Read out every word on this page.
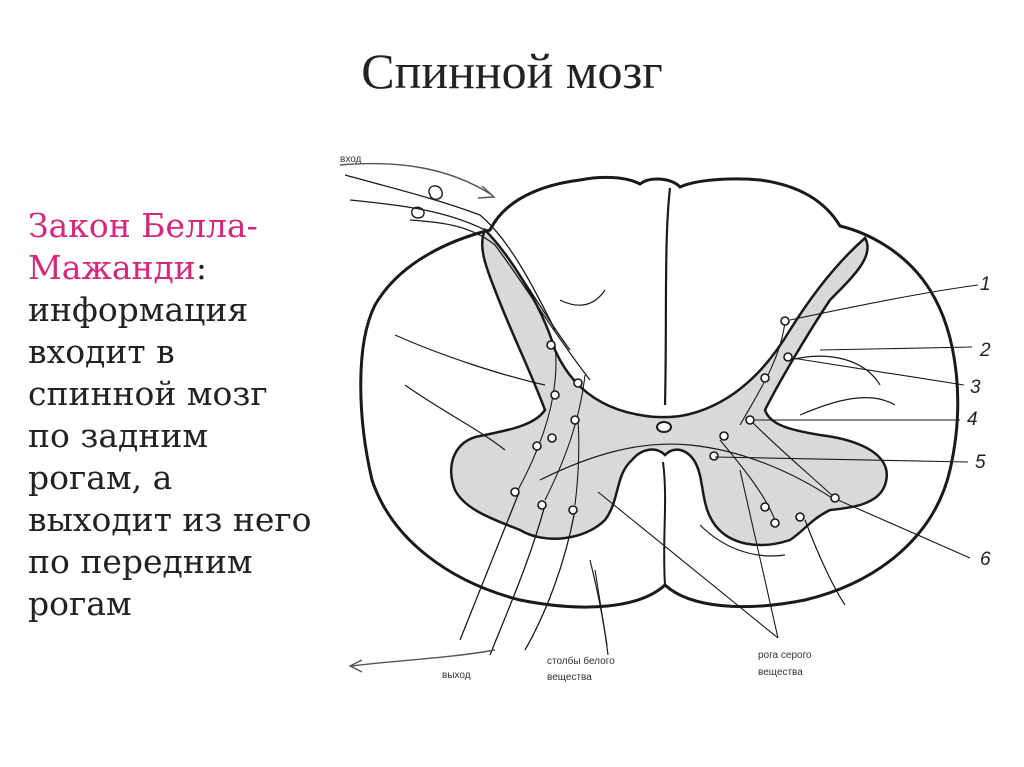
Спинной мозг
Закон Белла-Мажанди: информация входит в спинной мозг по задним рогам, а выходит из него по передним рогам
1
2
3
4
5
6
вход
выход
столбы белого
вещества
рога серого
вещества
